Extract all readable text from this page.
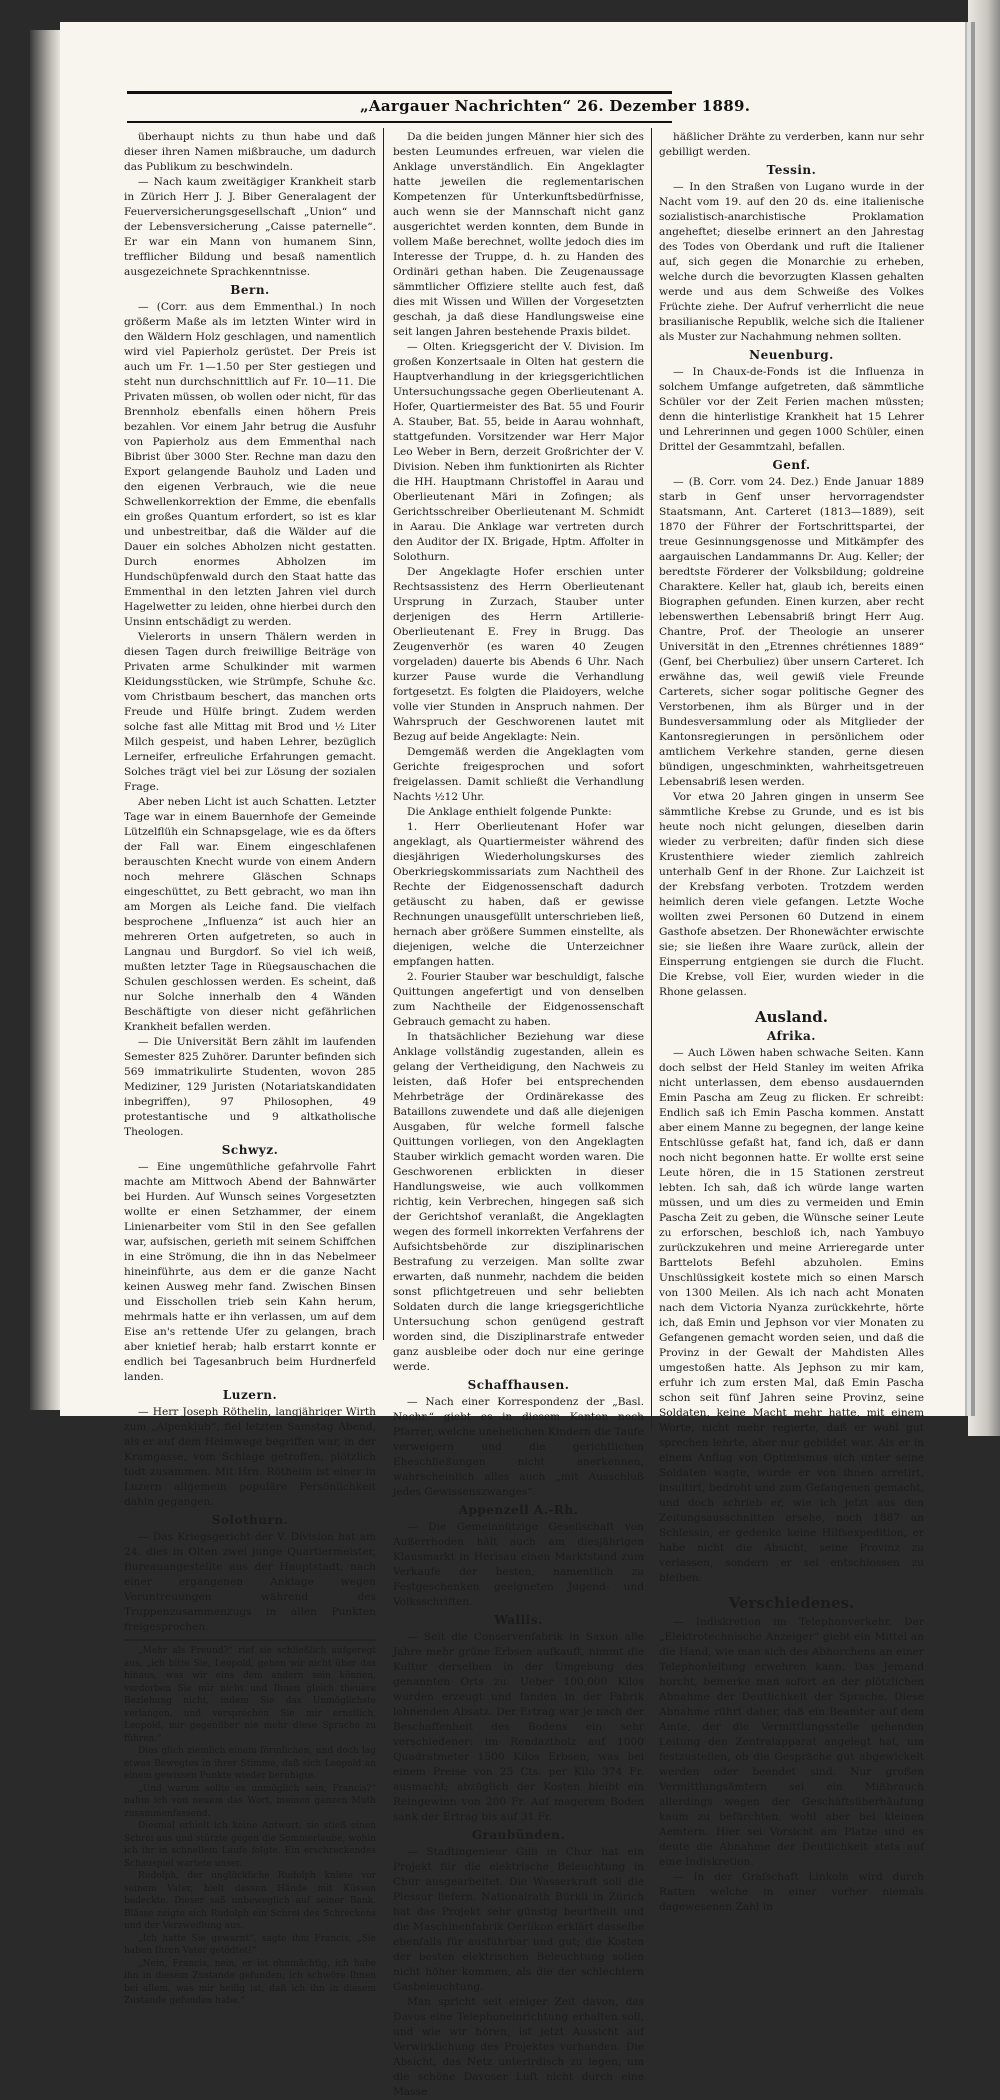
„Aargauer Nachrichten“ 26. Dezember 1889.

überhaupt nichts zu thun habe und daß dieser ihren Namen mißbrauche, um dadurch das Publikum zu beschwindeln.

— Nach kaum zweitägiger Krankheit starb in Zürich Herr J. J. Biber Generalagent der Feuerversicherungsgesellschaft „Union“ und der Lebensversicherung „Caisse paternelle“. Er war ein Mann von humanem Sinn, trefflicher Bildung und besaß namentlich ausgezeichnete Sprachkenntnisse.

Bern.

— (Corr. aus dem Emmenthal.) In noch größerm Maße als im letzten Winter wird in den Wäldern Holz geschlagen, und namentlich wird viel Papierholz gerüstet. Der Preis ist auch um Fr. 1—1.50 per Ster gestiegen und steht nun durchschnittlich auf Fr. 10—11. Die Privaten müssen, ob wollen oder nicht, für das Brennholz ebenfalls einen höhern Preis bezahlen. Vor einem Jahr betrug die Ausfuhr von Papierholz aus dem Emmenthal nach Bibrist über 3000 Ster. Rechne man dazu den Export gelangende Bauholz und Laden und den eigenen Verbrauch, wie die neue Schwellenkorrektion der Emme, die ebenfalls ein großes Quantum erfordert, so ist es klar und unbestreitbar, daß die Wälder auf die Dauer ein solches Abholzen nicht gestatten. Durch enormes Abholzen im Hundschüpfenwald durch den Staat hatte das Emmenthal in den letzten Jahren viel durch Hagelwetter zu leiden, ohne hierbei durch den Unsinn entschädigt zu werden.

Vielerorts in unsern Thälern werden in diesen Tagen durch freiwillige Beiträge von Privaten arme Schulkinder mit warmen Kleidungsstücken, wie Strümpfe, Schuhe &c. vom Christbaum beschert, das manchen orts Freude und Hülfe bringt. Zudem werden solche fast alle Mittag mit Brod und ½ Liter Milch gespeist, und haben Lehrer, bezüglich Lerneifer, erfreuliche Erfahrungen gemacht. Solches trägt viel bei zur Lösung der sozialen Frage.

Aber neben Licht ist auch Schatten. Letzter Tage war in einem Bauernhofe der Gemeinde Lützelflüh ein Schnapsgelage, wie es da öfters der Fall war. Einem eingeschlafenen berauschten Knecht wurde von einem Andern noch mehrere Gläschen Schnaps eingeschüttet, zu Bett gebracht, wo man ihn am Morgen als Leiche fand. Die vielfach besprochene „Influenza“ ist auch hier an mehreren Orten aufgetreten, so auch in Langnau und Burgdorf. So viel ich weiß, mußten letzter Tage in Rüegsauschachen die Schulen geschlossen werden. Es scheint, daß nur Solche innerhalb den 4 Wänden Beschäftigte von dieser nicht gefährlichen Krankheit befallen werden.

— Die Universität Bern zählt im laufenden Semester 825 Zuhörer. Darunter befinden sich 569 immatrikulirte Studenten, wovon 285 Mediziner, 129 Juristen (Notariatskandidaten inbegriffen), 97 Philosophen, 49 protestantische und 9 altkatholische Theologen.

Schwyz.

— Eine ungemüthliche gefahrvolle Fahrt machte am Mittwoch Abend der Bahnwärter bei Hurden. Auf Wunsch seines Vorgesetzten wollte er einen Setzhammer, der einem Linienarbeiter vom Stil in den See gefallen war, aufsischen, gerieth mit seinem Schiffchen in eine Strömung, die ihn in das Nebelmeer hineinführte, aus dem er die ganze Nacht keinen Ausweg mehr fand. Zwischen Binsen und Eisschollen trieb sein Kahn herum, mehrmals hatte er ihn verlassen, um auf dem Eise an's rettende Ufer zu gelangen, brach aber knietief herab; halb erstarrt konnte er endlich bei Tagesanbruch beim Hurdnerfeld landen.

Luzern.

— Herr Joseph Röthelin, langjähriger Wirth zum „Alpenklub“, fiel letzten Samstag Abend, als er auf dem Heimwege begriffen war, in der Kramgasse, vom Schlage getroffen, plötzlich todt zusammen. Mit Hrn. Röthelin ist einer in Luzern allgemein populäre Persönlichkeit dahin gegangen.

Solothurn.

— Das Kriegsgericht der V. Division hat am 24. dies in Olten zwei junge Quartiermeister, Bureauangestellte aus der Hauptstadt, nach einer ergangenen Anklage wegen Veruntreuungen während des Truppenzusammenzugs in allen Punkten freigesprochen.

„Mehr als Freund?“ rief sie schließlich aufgeregt aus, „ich bitte Sie, Leopold, gehen wir nicht über das hinaus, was wir eins dem andern sein können, verdorben Sie mir nicht und Ihnen gleich theuere Beziehung nicht, indem Sie das Unmöglichste verlangen, und versprechen Sie mir ernstlich, Leopold, mir gegenüber nie mehr diese Sprache zu führen.“

Dies glich ziemlich einem förmlichen, und doch lag etwas Bewegtes in ihrer Stimme, daß sich Leopold an einem gewissen Punkte wieder beruhigte.

„Und warum sollte es unmöglich sein, Francis?“ nahm ich von neuem das Wort, meinen ganzen Muth zusammenfassend.

Diesmal erhielt ich keine Antwort, sie stieß einen Schrei aus und stürzte gegen die Sommerlaube, wohin ich ihr in schnellem Laufe folgte. Ein erschreckendes Schauspiel wartete unser.

Rudolph, der unglückliche Rudolph kniete vor seinem Vater, hielt dessen Hände mit Küssen bedeckte. Dieser saß unbeweglich auf seiner Bank. Blässe zeigte sich Rudolph ein Schrei des Schreckens und der Verzweiflung aus.

„Ich hatte Sie gewarnt“, sagte ihm Francis, „Sie haben Ihren Vater getödtet!“

„Nein, Francis, nein, er ist ohnmächtig, ich habe ihn in diesem Zustande gefunden; ich schwöre Ihnen bei allem, was mir heilig ist, daß ich ihn in diesem Zustande gefunden habe.“

Da die beiden jungen Männer hier sich des besten Leumundes erfreuen, war vielen die Anklage unverständlich. Ein Angeklagter hatte jeweilen die reglementarischen Kompetenzen für Unterkunftsbedürfnisse, auch wenn sie der Mannschaft nicht ganz ausgerichtet werden konnten, dem Bunde in vollem Maße berechnet, wollte jedoch dies im Interesse der Truppe, d. h. zu Handen des Ordinäri gethan haben. Die Zeugenaussage sämmtlicher Offiziere stellte auch fest, daß dies mit Wissen und Willen der Vorgesetzten geschah, ja daß diese Handlungsweise eine seit langen Jahren bestehende Praxis bildet.

— Olten. Kriegsgericht der V. Division. Im großen Konzertsaale in Olten hat gestern die Hauptverhandlung in der kriegsgerichtlichen Untersuchungssache gegen Oberlieutenant A. Hofer, Quartiermeister des Bat. 55 und Fourir A. Stauber, Bat. 55, beide in Aarau wohnhaft, stattgefunden. Vorsitzender war Herr Major Leo Weber in Bern, derzeit Großrichter der V. Division. Neben ihm funktionirten als Richter die HH. Hauptmann Christoffel in Aarau und Oberlieutenant Märi in Zofingen; als Gerichtsschreiber Oberlieutenant M. Schmidt in Aarau. Die Anklage war vertreten durch den Auditor der IX. Brigade, Hptm. Affolter in Solothurn.

Der Angeklagte Hofer erschien unter Rechtsassistenz des Herrn Oberlieutenant Ursprung in Zurzach, Stauber unter derjenigen des Herrn Artillerie-Oberlieutenant E. Frey in Brugg. Das Zeugenverhör (es waren 40 Zeugen vorgeladen) dauerte bis Abends 6 Uhr. Nach kurzer Pause wurde die Verhandlung fortgesetzt. Es folgten die Plaidoyers, welche volle vier Stunden in Anspruch nahmen. Der Wahrspruch der Geschworenen lautet mit Bezug auf beide Angeklagte: Nein.

Demgemäß werden die Angeklagten vom Gerichte freigesprochen und sofort freigelassen. Damit schließt die Verhandlung Nachts ½12 Uhr.

Die Anklage enthielt folgende Punkte:

1. Herr Oberlieutenant Hofer war angeklagt, als Quartiermeister während des diesjährigen Wiederholungskurses des Oberkriegskommissariats zum Nachtheil des Rechte der Eidgenossenschaft dadurch getäuscht zu haben, daß er gewisse Rechnungen unausgefüllt unterschrieben ließ, hernach aber größere Summen einstellte, als diejenigen, welche die Unterzeichner empfangen hatten.

2. Fourier Stauber war beschuldigt, falsche Quittungen angefertigt und von denselben zum Nachtheile der Eidgenossenschaft Gebrauch gemacht zu haben.

In thatsächlicher Beziehung war diese Anklage vollständig zugestanden, allein es gelang der Vertheidigung, den Nachweis zu leisten, daß Hofer bei entsprechenden Mehrbeträge der Ordinärekasse des Bataillons zuwendete und daß alle diejenigen Ausgaben, für welche formell falsche Quittungen vorliegen, von den Angeklagten Stauber wirklich gemacht worden waren. Die Geschworenen erblickten in dieser Handlungsweise, wie auch vollkommen richtig, kein Verbrechen, hingegen saß sich der Gerichtshof veranlaßt, die Angeklagten wegen des formell inkorrekten Verfahrens der Aufsichtsbehörde zur disziplinarischen Bestrafung zu verzeigen. Man sollte zwar erwarten, daß nunmehr, nachdem die beiden sonst pflichtgetreuen und sehr beliebten Soldaten durch die lange kriegsgerichtliche Untersuchung schon genügend gestraft worden sind, die Disziplinarstrafe entweder ganz ausbleibe oder doch nur eine geringe werde.

Schaffhausen.

— Nach einer Korrespondenz der „Basl. Nachr.“ giebt es in diesem Kanton noch Pfarrer, welche unehelichen Kindern die Taufe verweigern und die gerichtlichen Eheschließungen nicht anerkennen, wahrscheinlich alles auch „mit Ausschluß jedes Gewissenszwanges“.

Appenzell A.-Rh.

— Die Gemeinnützige Gesellschaft von Außerrhoden hält auch am diesjährigen Klausmarkt in Herisau einen Marktstand zum Verkaufe der besten, namentlich zu Festgeschenken geeigneten Jugend- und Volksschriften.

Wallis.

— Seit die Conservenfabrik in Saxon alle Jahre mehr grüne Erbsen aufkauft, nimmt die Kultur derselben in der Umgebung des genannten Orts zu. Ueber 100,000 Kilos wurden erzeugt und fanden in der Fabrik lohnenden Absatz. Der Ertrag war je nach der Beschaffenheit des Bodens ein sehr verschiedener: im Rendaztholz auf 1000 Quadratmeter 1500 Kilos Erbsen, was bei einem Preise von 25 Cts. per Kilo 374 Fr. ausmacht; abzüglich der Kosten bleibt ein Reingewinn von 200 Fr. Auf magerem Boden sank der Ertrag bis auf 31 Fr.

Graubünden.

— Stadtingenieur Gilli in Chur hat ein Projekt für die elektrische Beleuchtung in Chur ausgearbeitet. Die Wasserkraft soll die Plessur liefern. Nationalrath Bürkli in Zürich hat das Projekt sehr günstig beurtheilt und die Maschinenfabrik Oerlikon erklärt dasselbe ebenfalls für ausführbar und gut; die Kosten der besten elektrischen Beleuchtung sollen nicht höher kommen, als die der schlechtern Gasbeleuchtung.

Man spricht seit einiger Zeit davon, das Davos eine Telephoneinrichtung erhalten soll, und wie wir hören, ist jetzt Aussicht auf Verwirklichung des Projektes vorhanden. Die Absicht, das Netz unterirdisch zu legen, um die schöne Davoser Luft nicht durch eine Masse

häßlicher Drähte zu verderben, kann nur sehr gebilligt werden.

Tessin.

— In den Straßen von Lugano wurde in der Nacht vom 19. auf den 20 ds. eine italienische sozialistisch-anarchistische Proklamation angeheftet; dieselbe erinnert an den Jahrestag des Todes von Oberdank und ruft die Italiener auf, sich gegen die Monarchie zu erheben, welche durch die bevorzugten Klassen gehalten werde und aus dem Schweiße des Volkes Früchte ziehe. Der Aufruf verherrlicht die neue brasilianische Republik, welche sich die Italiener als Muster zur Nachahmung nehmen sollten.

Neuenburg.

— In Chaux-de-Fonds ist die Influenza in solchem Umfange aufgetreten, daß sämmtliche Schüler vor der Zeit Ferien machen müssten; denn die hinterlistige Krankheit hat 15 Lehrer und Lehrerinnen und gegen 1000 Schüler, einen Drittel der Gesammtzahl, befallen.

Genf.

— (B. Corr. vom 24. Dez.) Ende Januar 1889 starb in Genf unser hervorragendster Staatsmann, Ant. Carteret (1813—1889), seit 1870 der Führer der Fortschrittspartei, der treue Gesinnungsgenosse und Mitkämpfer des aargauischen Landammanns Dr. Aug. Keller; der beredtste Förderer der Volksbildung; goldreine Charaktere. Keller hat, glaub ich, bereits einen Biographen gefunden. Einen kurzen, aber recht lebenswerthen Lebensabriß bringt Herr Aug. Chantre, Prof. der Theologie an unserer Universität in den „Etrennes chrétiennes 1889“ (Genf, bei Cherbuliez) über unsern Carteret. Ich erwähne das, weil gewiß viele Freunde Carterets, sicher sogar politische Gegner des Verstorbenen, ihm als Bürger und in der Bundesversammlung oder als Mitglieder der Kantonsregierungen in persönlichem oder amtlichem Verkehre standen, gerne diesen bündigen, ungeschminkten, wahrheitsgetreuen Lebensabriß lesen werden.

Vor etwa 20 Jahren gingen in unserm See sämmtliche Krebse zu Grunde, und es ist bis heute noch nicht gelungen, dieselben darin wieder zu verbreiten; dafür finden sich diese Krustenthiere wieder ziemlich zahlreich unterhalb Genf in der Rhone. Zur Laichzeit ist der Krebsfang verboten. Trotzdem werden heimlich deren viele gefangen. Letzte Woche wollten zwei Personen 60 Dutzend in einem Gasthofe absetzen. Der Rhonewächter erwischte sie; sie ließen ihre Waare zurück, allein der Einsperrung entgiengen sie durch die Flucht. Die Krebse, voll Eier, wurden wieder in die Rhone gelassen.

Ausland.
Afrika.

— Auch Löwen haben schwache Seiten. Kann doch selbst der Held Stanley im weiten Afrika nicht unterlassen, dem ebenso ausdauernden Emin Pascha am Zeug zu flicken. Er schreibt: Endlich saß ich Emin Pascha kommen. Anstatt aber einem Manne zu begegnen, der lange keine Entschlüsse gefaßt hat, fand ich, daß er dann noch nicht begonnen hatte. Er wollte erst seine Leute hören, die in 15 Stationen zerstreut lebten. Ich sah, daß ich würde lange warten müssen, und um dies zu vermeiden und Emin Pascha Zeit zu geben, die Wünsche seiner Leute zu erforschen, beschloß ich, nach Yambuyo zurückzukehren und meine Arrieregarde unter Barttelots Befehl abzuholen. Emins Unschlüssigkeit kostete mich so einen Marsch von 1300 Meilen. Als ich nach acht Monaten nach dem Victoria Nyanza zurückkehrte, hörte ich, daß Emin und Jephson vor vier Monaten zu Gefangenen gemacht worden seien, und daß die Provinz in der Gewalt der Mahdisten Alles umgestoßen hatte. Als Jephson zu mir kam, erfuhr ich zum ersten Mal, daß Emin Pascha schon seit fünf Jahren seine Provinz, seine Soldaten, keine Macht mehr hatte, mit einem Worte, nicht mehr regierte, daß er wohl gut sprechen lehrte, aber nur gebildet war. Als er in einem Anflug von Optimismus sich unter seine Soldaten wagte, wurde er von ihnen arretirt, insultirt, bedroht und zum Gefangenen gemacht, und doch schrieb er, wie ich jetzt aus den Zeitungsausschnitten ersehe, noch 1887 an Schlessin, er gedenke keine Hilfsexpedition, er habe nicht die Absicht, seine Provinz zu verlassen, sondern er sei entschlossen zu bleiben.

Verschiedenes.

— Indiskretion im Telephonverkehr. Der „Elektrotechnische Anzeiger“ giebt ein Mittel an die Hand, wie man sich des Abhorchens an einer Telephonleitung erwehren kann. Das Jemand horcht, bemerke man sofort an der plötzlichen Abnahme der Deutlichkeit der Sprache. Diese Abnahme rührt daher, daß ein Beamter auf dem Amte, der die Vermittlungsstelle gehenden Leitung den Zentralapparat angelegt hat, um festzustellen, ob die Gespräche gut abgewickelt werden oder beendet sind. Nur großen Vermittlungsämtern sei ein Mißbrauch allerdings wegen der Geschäftsüberhäufung kaum zu befürchten, wohl aber bei kleinen Aemtern. Hier sei Vorsicht am Platze und es deute die Abnahme der Deutlichkeit stets auf eine Indiskretion.

— In der Grafschaft Linkoln wird durch Ratten welche in einer vorher niemals dagewesenen Zahl in
